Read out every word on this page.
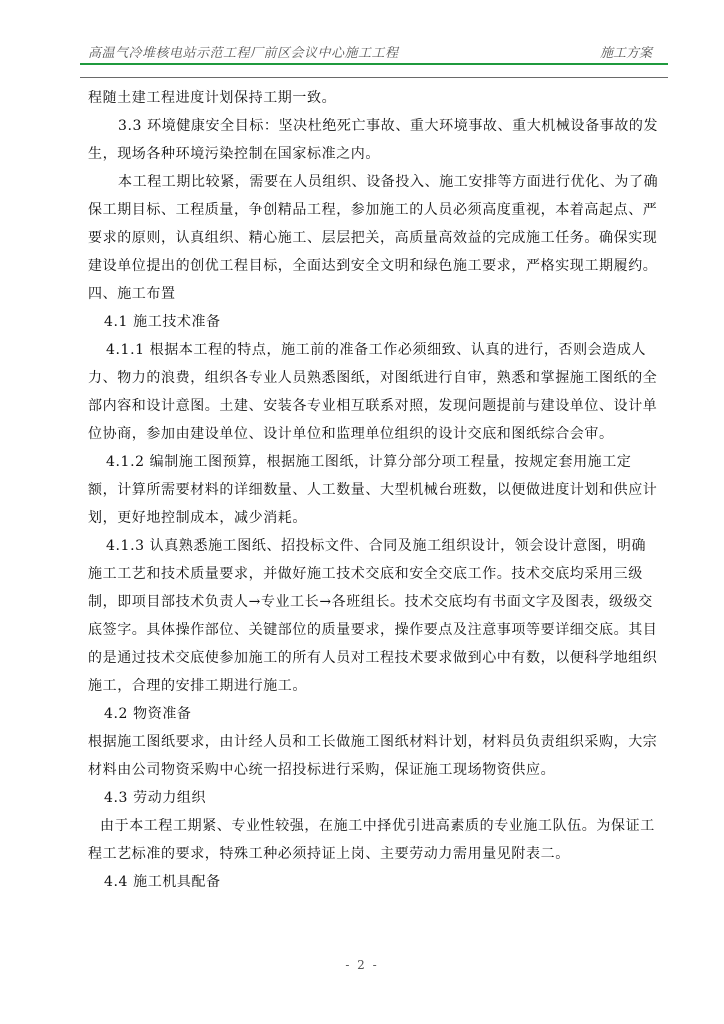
高温气冷堆核电站示范工程厂前区会议中心施工工程	施工方案

程随土建工程进度计划保持工期一致。

3.3 环境健康安全目标：坚决杜绝死亡事故、重大环境事故、重大机械设备事故的发生，现场各种环境污染控制在国家标准之内。

本工程工期比较紧，需要在人员组织、设备投入、施工安排等方面进行优化、为了确保工期目标、工程质量，争创精品工程，参加施工的人员必须高度重视，本着高起点、严要求的原则，认真组织、精心施工、层层把关，高质量高效益的完成施工任务。确保实现建设单位提出的创优工程目标，全面达到安全文明和绿色施工要求，严格实现工期履约。

四、施工布置

4.1 施工技术准备

4.1.1 根据本工程的特点，施工前的准备工作必须细致、认真的进行，否则会造成人力、物力的浪费，组织各专业人员熟悉图纸，对图纸进行自审，熟悉和掌握施工图纸的全部内容和设计意图。土建、安装各专业相互联系对照，发现问题提前与建设单位、设计单位协商，参加由建设单位、设计单位和监理单位组织的设计交底和图纸综合会审。

4.1.2 编制施工图预算，根据施工图纸，计算分部分项工程量，按规定套用施工定额，计算所需要材料的详细数量、人工数量、大型机械台班数，以便做进度计划和供应计划，更好地控制成本，减少消耗。

4.1.3 认真熟悉施工图纸、招投标文件、合同及施工组织设计，领会设计意图，明确施工工艺和技术质量要求，并做好施工技术交底和安全交底工作。技术交底均采用三级制，即项目部技术负责人→专业工长→各班组长。技术交底均有书面文字及图表，级级交底签字。具体操作部位、关键部位的质量要求，操作要点及注意事项等要详细交底。其目的是通过技术交底使参加施工的所有人员对工程技术要求做到心中有数，以便科学地组织施工，合理的安排工期进行施工。

4.2 物资准备

根据施工图纸要求，由计经人员和工长做施工图纸材料计划，材料员负责组织采购，大宗材料由公司物资采购中心统一招投标进行采购，保证施工现场物资供应。

4.3 劳动力组织

由于本工程工期紧、专业性较强，在施工中择优引进高素质的专业施工队伍。为保证工程工艺标准的要求，特殊工种必须持证上岗、主要劳动力需用量见附表二。

4.4 施工机具配备

- 2 -
